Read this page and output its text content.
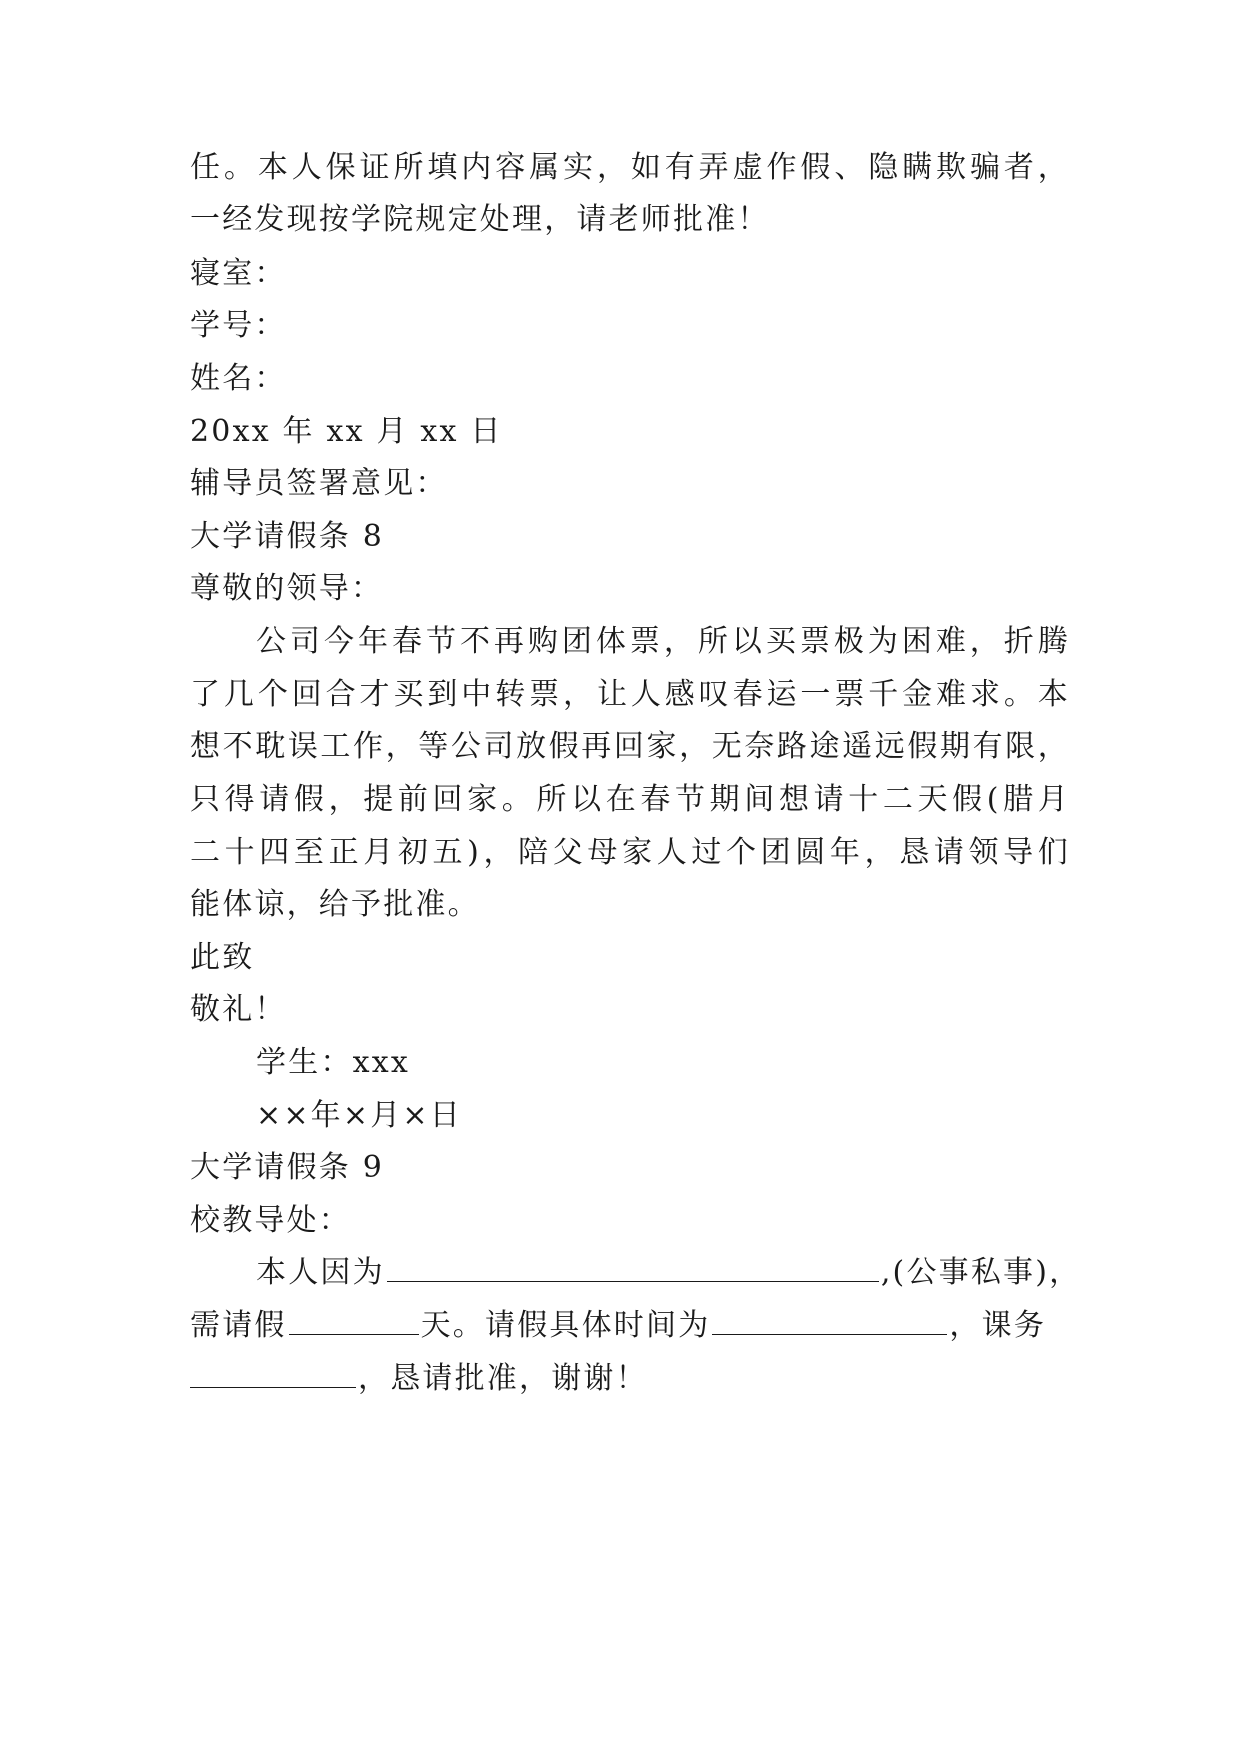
任。本人保证所填内容属实，如有弄虚作假、隐瞒欺骗者，
一经发现按学院规定处理，请老师批准！
寝室：
学号：
姓名：
20xx 年 xx 月 xx 日
辅导员签署意见：
大学请假条 8
尊敬的领导：
公司今年春节不再购团体票，所以买票极为困难，折腾
了几个回合才买到中转票，让人感叹春运一票千金难求。本
想不耽误工作，等公司放假再回家，无奈路途遥远假期有限，
只得请假，提前回家。所以在春节期间想请十二天假(腊月
二十四至正月初五)，陪父母家人过个团圆年，恳请领导们
能体谅，给予批准。
此致
敬礼！
学生：xxx
××年×月×日
大学请假条 9
校教导处：
本人因为	,(公事私事)，
需请假	天。请假具体时间为	，课务
，恳请批准，谢谢！
